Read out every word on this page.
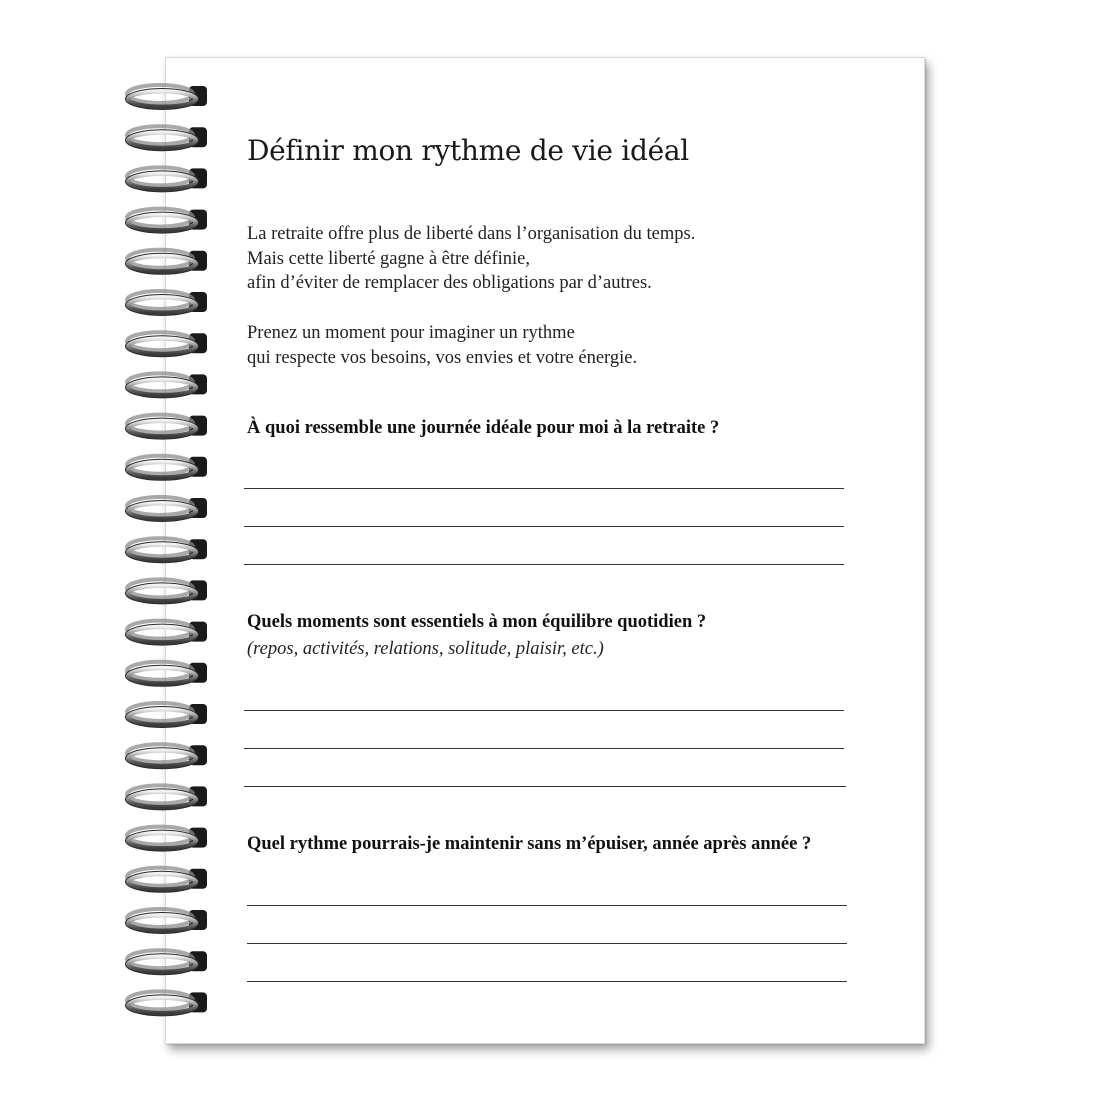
Définir mon rythme de vie idéal
La retraite offre plus de liberté dans l’organisation du temps.
Mais cette liberté gagne à être définie,
afin d’éviter de remplacer des obligations par d’autres.
Prenez un moment pour imaginer un rythme
qui respecte vos besoins, vos envies et votre énergie.

À quoi ressemble une journée idéale pour moi à la retraite ?

Quels moments sont essentiels à mon équilibre quotidien ?

(repos, activités, relations, solitude, plaisir, etc.)

Quel rythme pourrais-je maintenir sans m’épuiser, année après année ?
